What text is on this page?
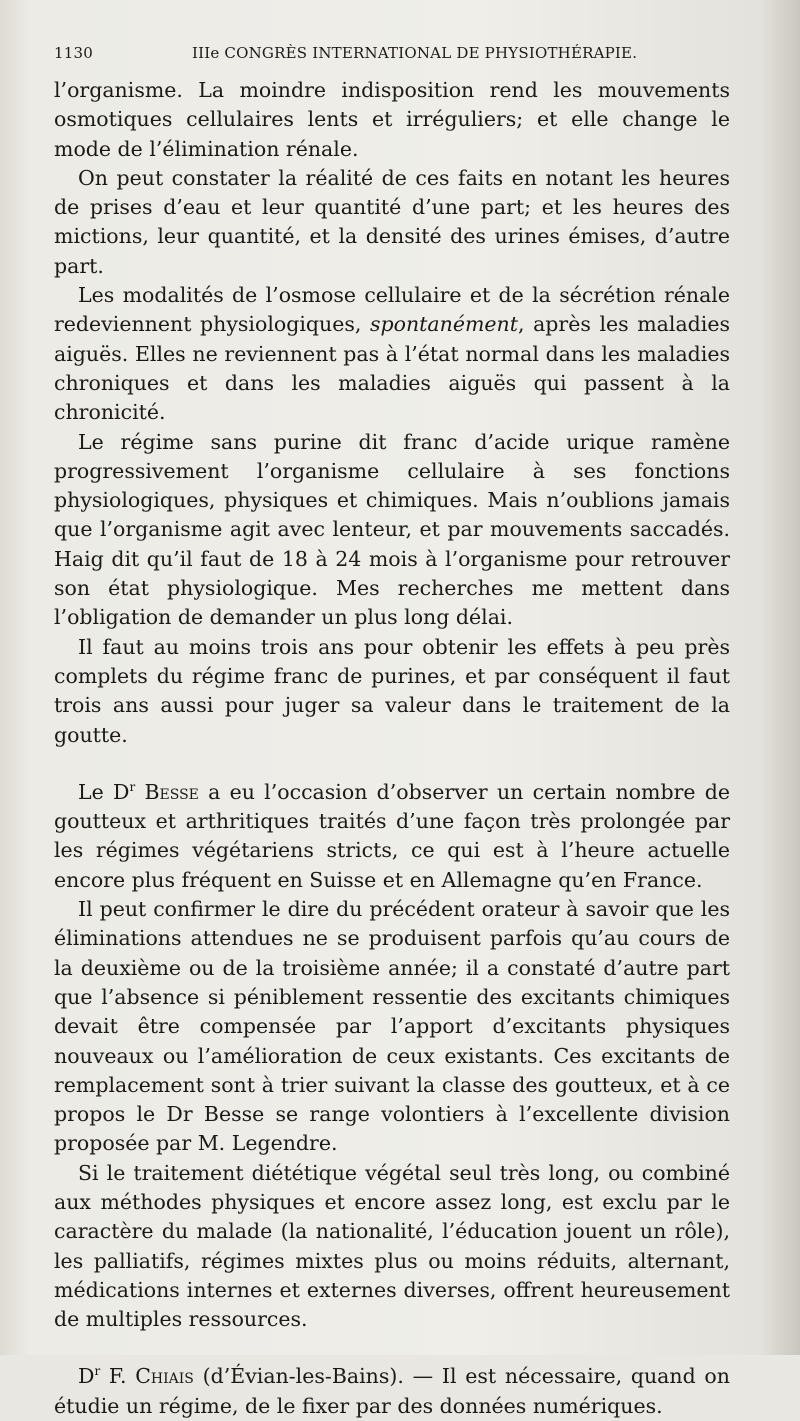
1130	IIIe CONGRÈS INTERNATIONAL DE PHYSIOTHÉRAPIE.

l’organisme. La moindre indisposition rend les mouvements osmotiques cellulaires lents et irréguliers; et elle change le mode de l’élimination rénale.

On peut constater la réalité de ces faits en notant les heures de prises d’eau et leur quantité d’une part; et les heures des mictions, leur quantité, et la densité des urines émises, d’autre part.

Les modalités de l’osmose cellulaire et de la sécrétion rénale redeviennent physiologiques, spontanément, après les maladies aiguës. Elles ne reviennent pas à l’état normal dans les maladies chroniques et dans les maladies aiguës qui passent à la chronicité.

Le régime sans purine dit franc d’acide urique ramène progressivement l’organisme cellulaire à ses fonctions physiologiques, physiques et chimiques. Mais n’oublions jamais que l’organisme agit avec lenteur, et par mouvements saccadés. Haig dit qu’il faut de 18 à 24 mois à l’organisme pour retrouver son état physiologique. Mes recherches me mettent dans l’obligation de demander un plus long délai.

Il faut au moins trois ans pour obtenir les effets à peu près complets du régime franc de purines, et par conséquent il faut trois ans aussi pour juger sa valeur dans le traitement de la goutte.

Le $D^r$ Besse a eu l’occasion d’observer un certain nombre de goutteux et arthritiques traités d’une façon très prolongée par les régimes végétariens stricts, ce qui est à l’heure actuelle encore plus fréquent en Suisse et en Allemagne qu’en France.

Il peut confirmer le dire du précédent orateur à savoir que les éliminations attendues ne se produisent parfois qu’au cours de la deuxième ou de la troisième année; il a constaté d’autre part que l’absence si péniblement ressentie des excitants chimiques devait être compensée par l’apport d’excitants physiques nouveaux ou l’amélioration de ceux existants. Ces excitants de remplacement sont à trier suivant la classe des goutteux, et à ce propos le Dr Besse se range volontiers à l’excellente division proposée par M. Legendre.

Si le traitement diététique végétal seul très long, ou combiné aux méthodes physiques et encore assez long, est exclu par le caractère du malade (la nationalité, l’éducation jouent un rôle), les palliatifs, régimes mixtes plus ou moins réduits, alternant, médications internes et externes diverses, offrent heureusement de multiples ressources.

$D^r$ F. Chiais (d’Évian-les-Bains). — Il est nécessaire, quand on étudie un régime, de le fixer par des données numériques.
